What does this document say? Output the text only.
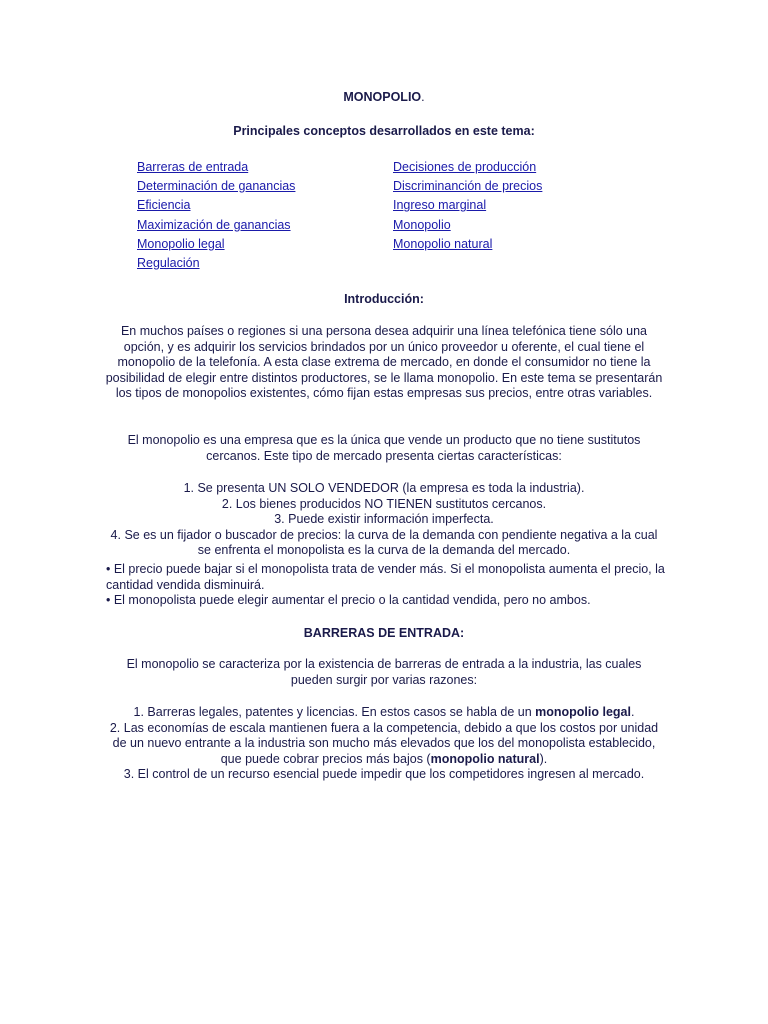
MONOPOLIO.
Principales conceptos desarrollados en este tema:
Barreras de entrada
Determinación de ganancias
Eficiencia
Maximización de ganancias
Monopolio legal
Regulación
Decisiones de producción
Discriminanción de precios
Ingreso marginal
Monopolio
Monopolio natural
Introducción:
En muchos países o regiones si una persona desea adquirir una línea telefónica tiene sólo una opción, y es adquirir los servicios brindados por un único proveedor u oferente, el cual tiene el monopolio de la telefonía. A esta clase extrema de mercado, en donde el consumidor no tiene la posibilidad de elegir entre distintos productores, se le llama monopolio. En este tema se presentarán los tipos de monopolios existentes, cómo fijan estas empresas sus precios, entre otras variables.
El monopolio es una empresa que es la única que vende un producto que no tiene sustitutos cercanos. Este tipo de mercado presenta ciertas características:
1. Se presenta UN SOLO VENDEDOR (la empresa es toda la industria).
2. Los bienes producidos NO TIENEN sustitutos cercanos.
3. Puede existir información imperfecta.
4. Se es un fijador o buscador de precios: la curva de la demanda con pendiente negativa a la cual se enfrenta el monopolista es la curva de la demanda del mercado.
• El precio puede bajar si el monopolista trata de vender más. Si el monopolista aumenta el precio, la cantidad vendida disminuirá.
• El monopolista puede elegir aumentar el precio o la cantidad vendida, pero no ambos.
BARRERAS DE ENTRADA:
El monopolio se caracteriza por la existencia de barreras de entrada a la industria, las cuales pueden surgir por varias razones:
1. Barreras legales, patentes y licencias. En estos casos se habla de un monopolio legal.
2. Las economías de escala mantienen fuera a la competencia, debido a que los costos por unidad de un nuevo entrante a la industria son mucho más elevados que los del monopolista establecido, que puede cobrar precios más bajos (monopolio natural).
3. El control de un recurso esencial puede impedir que los competidores ingresen al mercado.
